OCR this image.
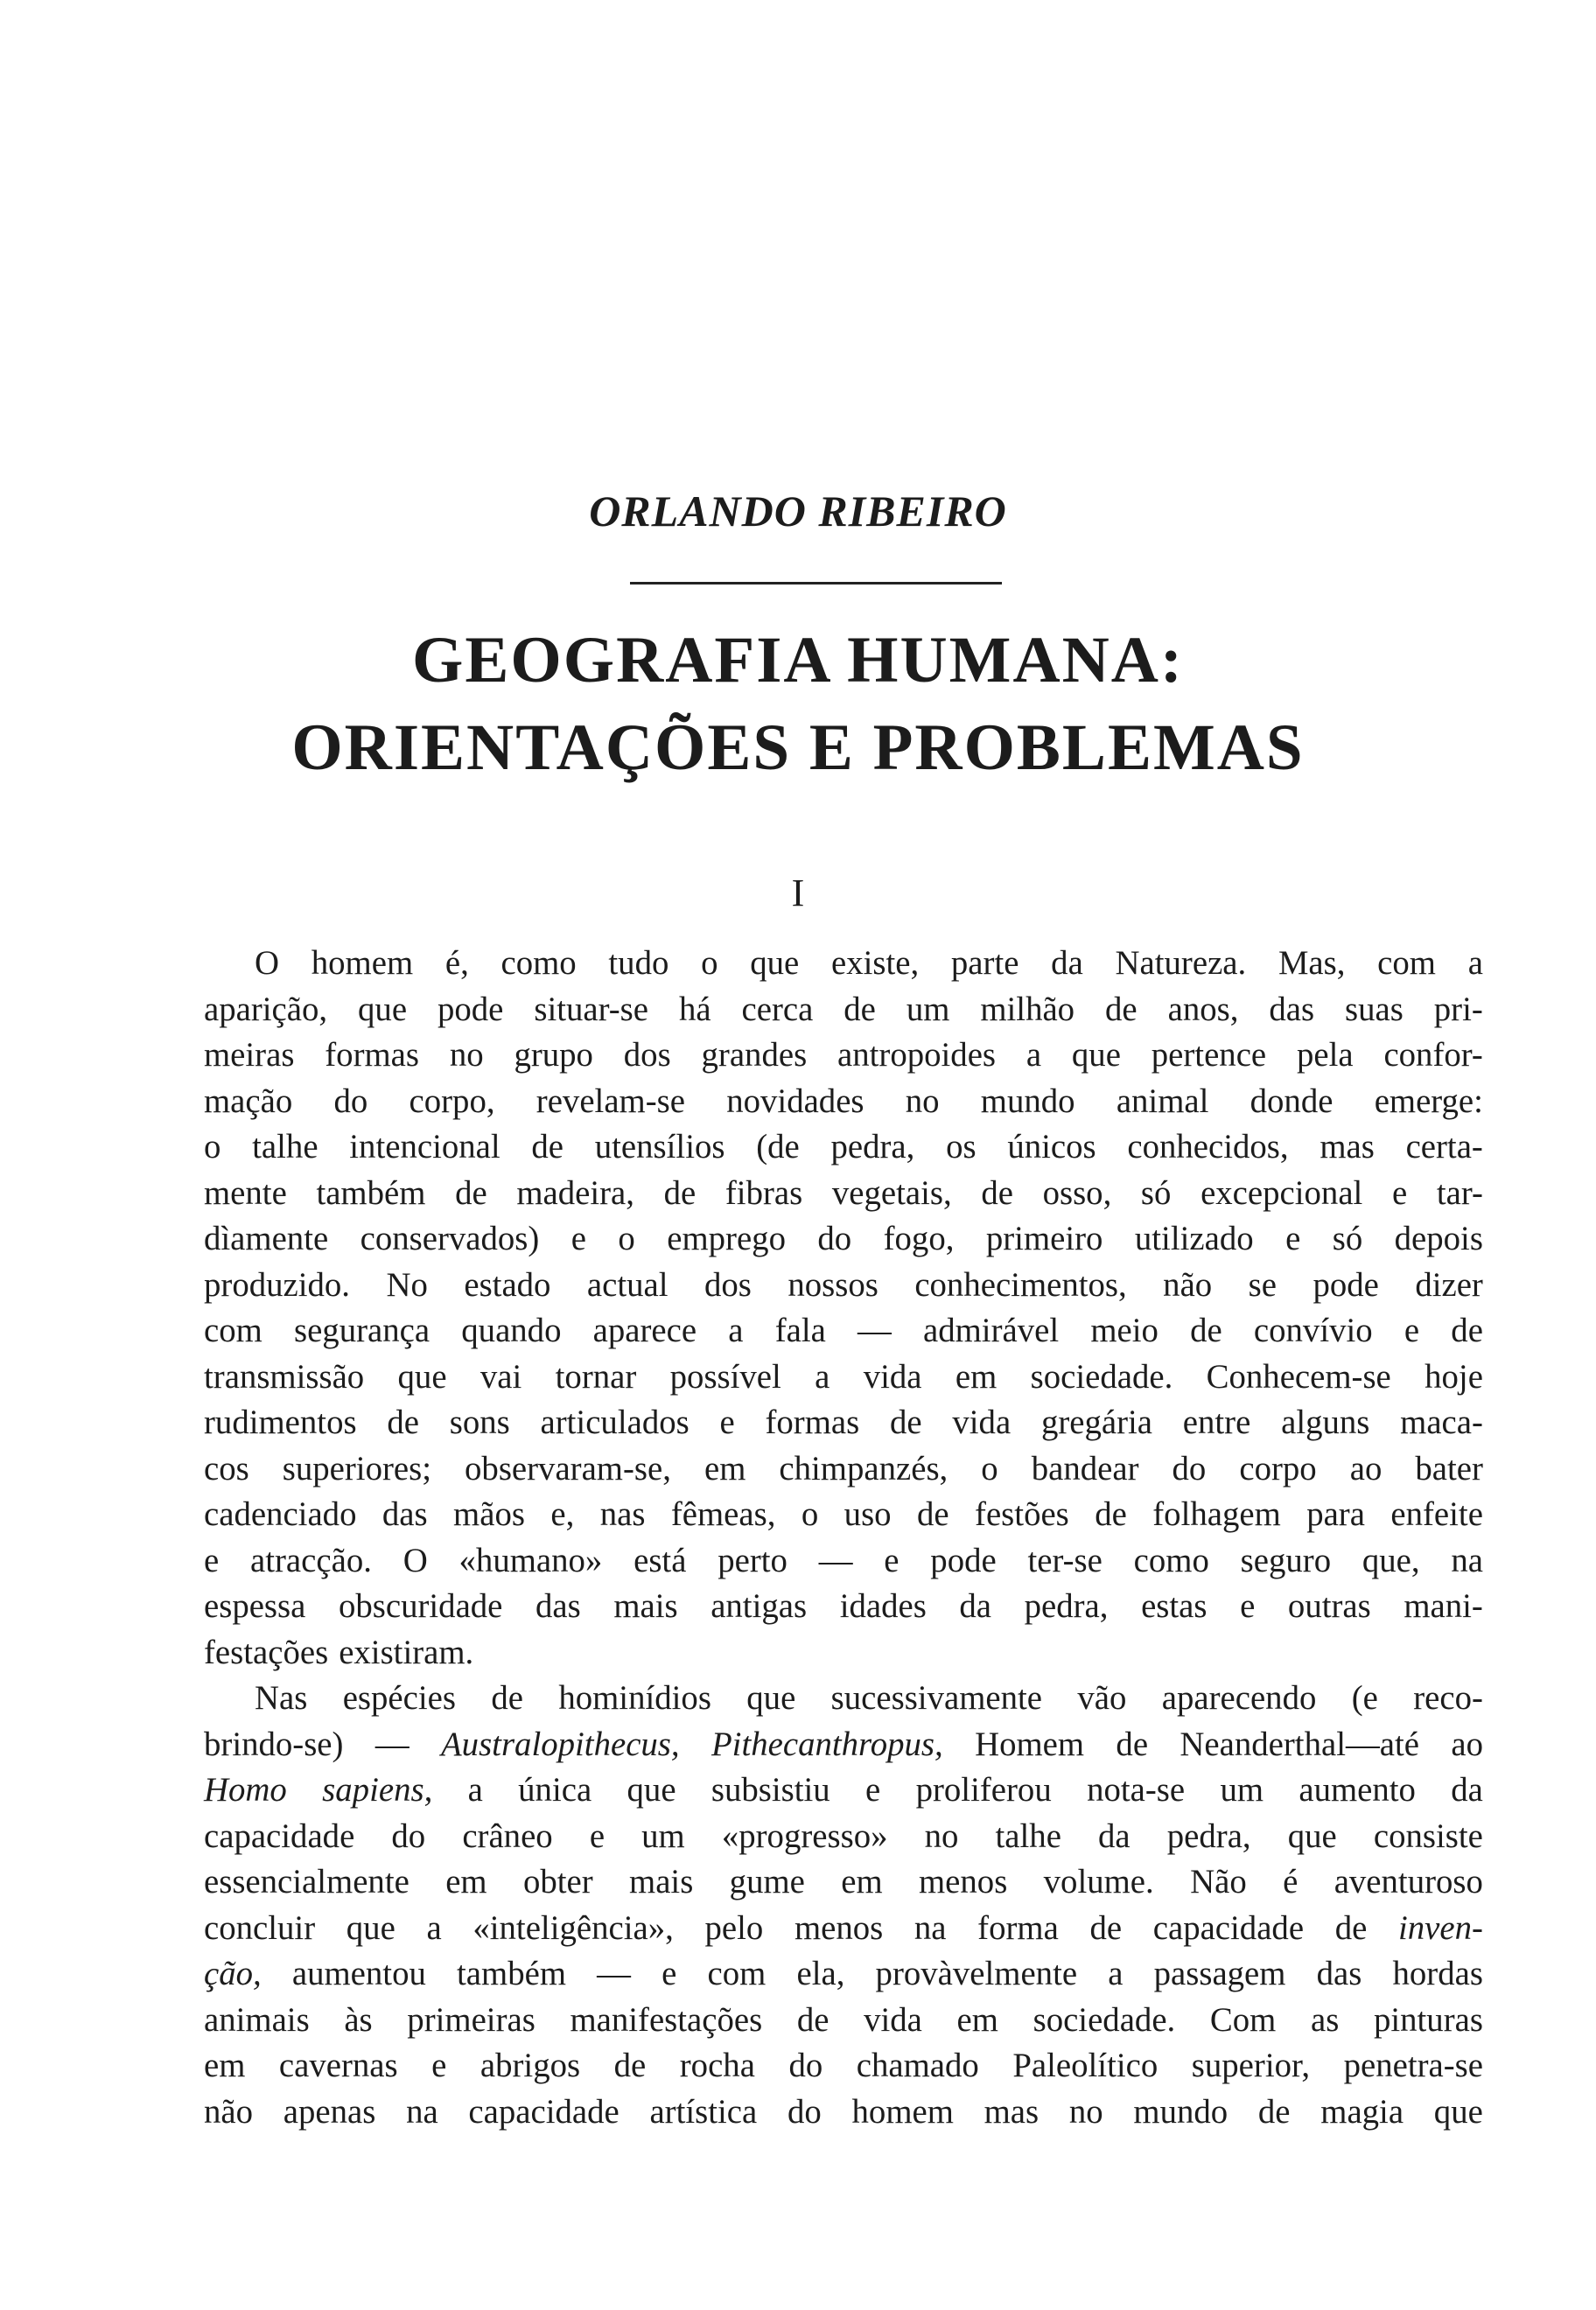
ORLANDO RIBEIRO

GEOGRAFIA HUMANA:
ORIENTAÇÕES E PROBLEMAS

I

O homem é, como tudo o que existe, parte da Natureza. Mas, com a
aparição, que pode situar-se há cerca de um milhão de anos, das suas pri-
meiras formas no grupo dos grandes antropoides a que pertence pela confor-
mação do corpo, revelam-se novidades no mundo animal donde emerge:
o talhe intencional de utensílios (de pedra, os únicos conhecidos, mas certa-
mente também de madeira, de fibras vegetais, de osso, só excepcional e tar-
dìamente conservados) e o emprego do fogo, primeiro utilizado e só depois
produzido. No estado actual dos nossos conhecimentos, não se pode dizer
com segurança quando aparece a fala — admirável meio de convívio e de
transmissão que vai tornar possível a vida em sociedade. Conhecem-se hoje
rudimentos de sons articulados e formas de vida gregária entre alguns maca-
cos superiores; observaram-se, em chimpanzés, o bandear do corpo ao bater
cadenciado das mãos e, nas fêmeas, o uso de festões de folhagem para enfeite
e atracção. O «humano» está perto — e pode ter-se como seguro que, na
espessa obscuridade das mais antigas idades da pedra, estas e outras mani-
festações existiram.
Nas espécies de hominídios que sucessivamente vão aparecendo (e reco-
brindo-se) — Australopithecus, Pithecanthropus, Homem de Neanderthal—até ao
Homo sapiens, a única que subsistiu e proliferou nota-se um aumento da
capacidade do crâneo e um «progresso» no talhe da pedra, que consiste
essencialmente em obter mais gume em menos volume. Não é aventuroso
concluir que a «inteligência», pelo menos na forma de capacidade de inven-
ção, aumentou também — e com ela, provàvelmente a passagem das hordas
animais às primeiras manifestações de vida em sociedade. Com as pinturas
em cavernas e abrigos de rocha do chamado Paleolítico superior, penetra-se
não apenas na capacidade artística do homem mas no mundo de magia que
